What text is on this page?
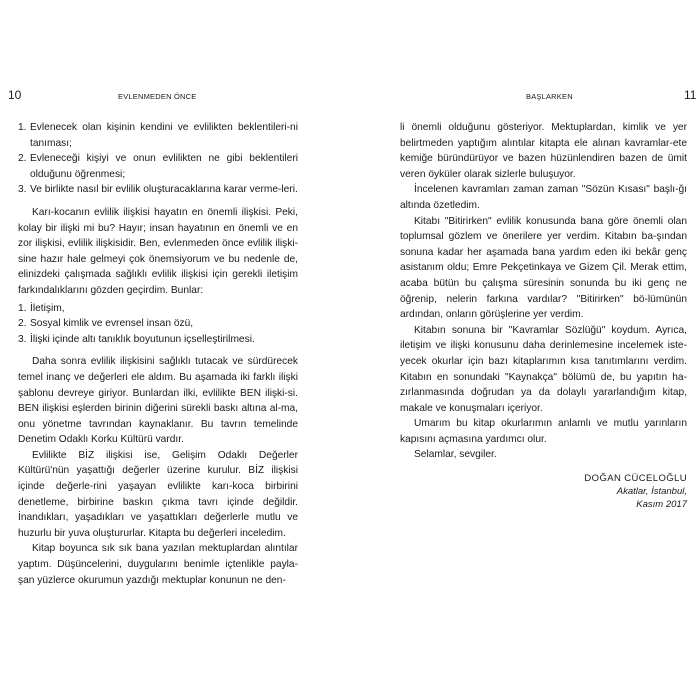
10	EVLENMEDEN ÖNCE
1. Evlenecek olan kişinin kendini ve evlilikten beklentileri-ni tanıması;
2. Evleneceği kişiyi ve onun evlilikten ne gibi beklentileri olduğunu öğrenmesi;
3. Ve birlikte nasıl bir evlilik oluşturacaklarına karar verme-leri.

Karı-kocanın evlilik ilişkisi hayatın en önemli ilişkisi. Peki, kolay bir ilişki mi bu? Hayır; insan hayatının en önemli ve en zor ilişkisi, evlilik ilişkisidir. Ben, evlenmeden önce evlilik ilişki-sine hazır hale gelmeyi çok önemsiyorum ve bu nedenle de, elinizdeki çalışmada sağlıklı evlilik ilişkisi için gerekli iletişim farkındalıklarını gözden geçirdim. Bunlar:

1. İletişim,
2. Sosyal kimlik ve evrensel insan özü,
3. İlişki içinde altı tanıklık boyutunun içselleştirilmesi.

Daha sonra evlilik ilişkisini sağlıklı tutacak ve sürdürecek temel inanç ve değerleri ele aldım. Bu aşamada iki farklı ilişki şablonu devreye giriyor. Bunlardan ilki, evlilikte BEN ilişki-si. BEN ilişkisi eşlerden birinin diğerini sürekli baskı altına al-ma, onu yönetme tavrından kaynaklanır. Bu tavrın temelinde Denetim Odaklı Korku Kültürü vardır.

Evlilikte BİZ ilişkisi ise, Gelişim Odaklı Değerler Kültürü'nün yaşattığı değerler üzerine kurulur. BİZ ilişkisi içinde değerle-rini yaşayan evlilikte karı-koca birbirini denetleme, birbirine baskın çıkma tavrı içinde değildir. İnandıkları, yaşadıkları ve yaşattıkları değerlerle mutlu ve huzurlu bir yuva oluştururlar. Kitapta bu değerleri inceledim.

Kitap boyunca sık sık bana yazılan mektuplardan alıntılar yaptım. Düşüncelerini, duygularını benimle içtenlikle payla-şan yüzlerce okurumun yazdığı mektuplar konunun ne den-

BAŞLARKEN	11

li önemli olduğunu gösteriyor. Mektuplardan, kimlik ve yer belirtmeden yaptığım alıntılar kitapta ele alınan kavramlar-ete kemiğe büründürüyor ve bazen hüzünlendiren bazen de ümit veren öyküler olarak sizlerle buluşuyor.

İncelenen kavramları zaman zaman "Sözün Kısası" başlı-ğı altında özetledim.

Kitabı "Bitirirken" evlilik konusunda bana göre önemli olan toplumsal gözlem ve önerilere yer verdim. Kitabın ba-şından sonuna kadar her aşamada bana yardım eden iki bekâr genç asistanım oldu; Emre Pekçetinkaya ve Gizem Çil. Merak ettim, acaba bütün bu çalışma süresinin sonunda bu iki genç ne öğrenip, nelerin farkına vardılar? "Bitirirken" bö-lümünün ardından, onların görüşlerine yer verdim.

Kitabın sonuna bir "Kavramlar Sözlüğü" koydum. Ayrıca, iletişim ve ilişki konusunu daha derinlemesine incelemek iste-yecek okurlar için bazı kitaplarımın kısa tanıtımlarını verdim. Kitabın en sonundaki "Kaynakça" bölümü de, bu yapıtın ha-zırlanmasında doğrudan ya da dolaylı yararlandığım kitap, makale ve konuşmaları içeriyor.

Umarım bu kitap okurlarımın anlamlı ve mutlu yarınların kapısını açmasına yardımcı olur.

Selamlar, sevgiler.

DOĞAN CÜCELOĞLU
Akatlar, İstanbul,
Kasım 2017
